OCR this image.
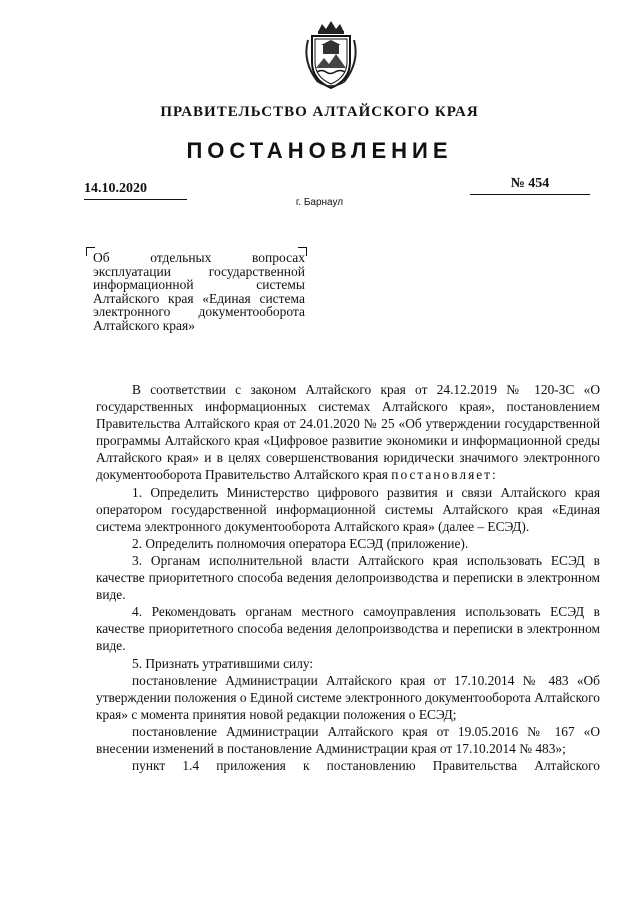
ПРАВИТЕЛЬСТВО АЛТАЙСКОГО КРАЯ
ПОСТАНОВЛЕНИЕ
14.10.2020	№ 454
г. Барнаул
Об отдельных вопросах эксплуатации государственной информационной системы Алтайского края «Единая система электронного документооборота Алтайского края»

В соответствии с законом Алтайского края от 24.12.2019 № 120-ЗС «О государственных информационных системах Алтайского края», постановлением Правительства Алтайского края от 24.01.2020 № 25 «Об утверждении государственной программы Алтайского края «Цифровое развитие экономики и информационной среды Алтайского края» и в целях совершенствования юридически значимого электронного документооборота Правительство Алтайского края постановляет:

1. Определить Министерство цифрового развития и связи Алтайского края оператором государственной информационной системы Алтайского края «Единая система электронного документооборота Алтайского края» (далее – ЕСЭД).

2. Определить полномочия оператора ЕСЭД (приложение).

3. Органам исполнительной власти Алтайского края использовать ЕСЭД в качестве приоритетного способа ведения делопроизводства и переписки в электронном виде.

4. Рекомендовать органам местного самоуправления использовать ЕСЭД в качестве приоритетного способа ведения делопроизводства и переписки в электронном виде.

5. Признать утратившими силу:

постановление Администрации Алтайского края от 17.10.2014 № 483 «Об утверждении положения о Единой системе электронного документооборота Алтайского края» с момента принятия новой редакции положения о ЕСЭД;

постановление Администрации Алтайского края от 19.05.2016 № 167 «О внесении изменений в постановление Администрации края от 17.10.2014 № 483»;

пункт 1.4 приложения к постановлению Правительства Алтайского
